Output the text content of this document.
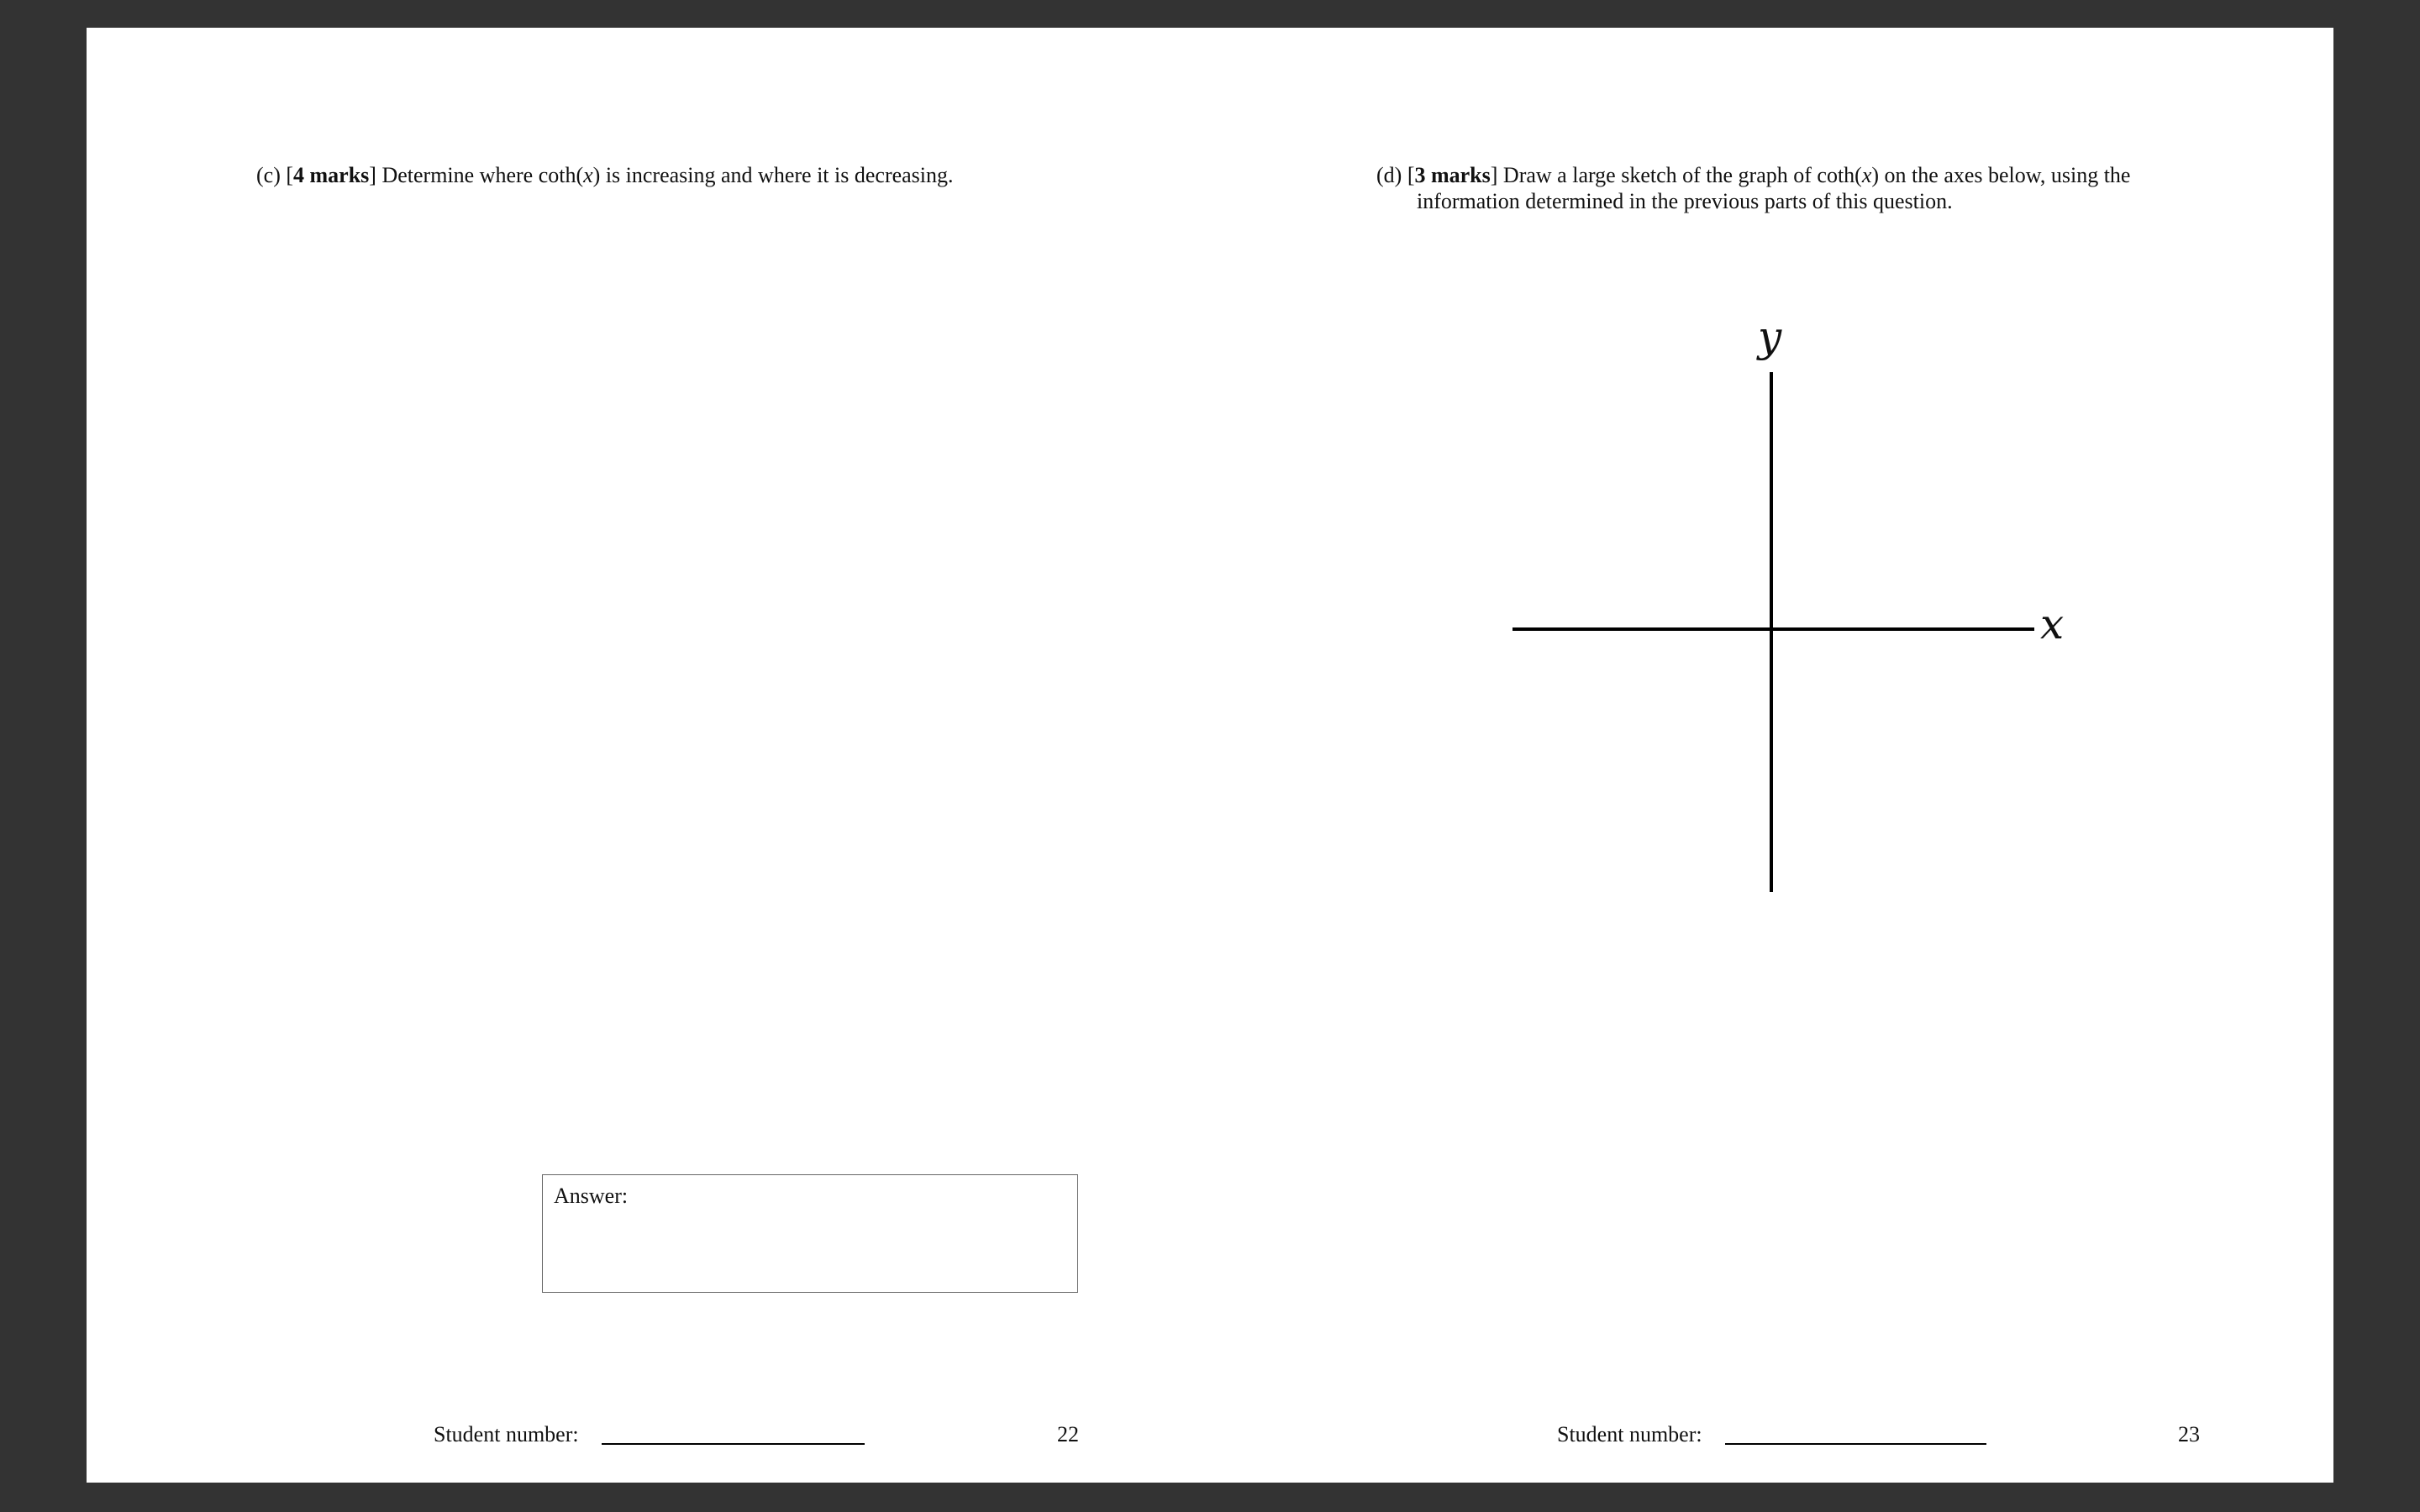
(c) [4 marks] Determine where coth(x) is increasing and where it is decreasing.
Answer:
Student number:	22
(d) [3 marks] Draw a large sketch of the graph of coth(x) on the axes below, using the
information determined in the previous parts of this question.
y
x
Student number:	23
